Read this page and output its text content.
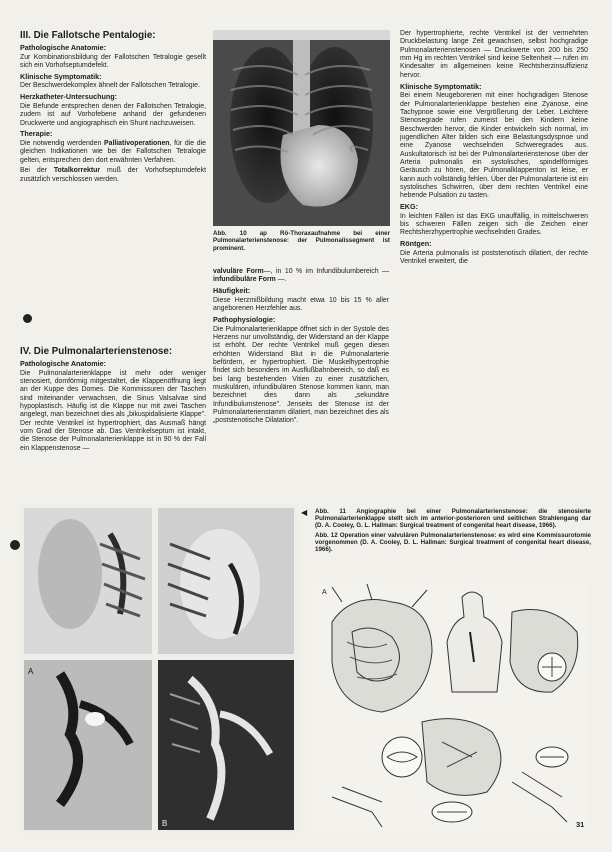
III. Die Fallotsche Pentalogie:
Pathologische Anatomie:

Zur Kombinationsbildung der Fallotschen Tetralogie gesellt sich ein Vorhofseptumdefekt.

Klinische Symptomatik:

Der Beschwerdekomplex ähnelt der Fallotschen Tetralogie.

Herzkatheter-Untersuchung:

Die Befunde entsprechen denen der Fallotschen Tetralogie, zudem ist auf Vorhofebene anhand der gefundenen Druckwerte und angiographisch ein Shunt nachzuweisen.

Therapie:

Die notwendig werdenden Palliativoperationen, für die die gleichen Indikationen wie bei der Fallotschen Tetralogie gelten, entsprechen den dort erwähnten Verfahren.

Bei der Totalkorrektur muß der Vorhofseptumdefekt zusätzlich verschlossen werden.

IV. Die Pulmonalarterienstenose:
Pathologische Anatomie:

Die Pulmonalarterienklappe ist mehr oder weniger stenosiert, domförmig mitgestaltet, die Klappenöffnung liegt an der Kuppe des Domes. Die Kommissuren der Taschen sind miteinander verwachsen, die Sinus Valsalvae sind hypoplastisch. Häufig ist die Klappe nur mit zwei Taschen angelegt, man bezeichnet dies als „bikuspidalisierte Klappe". Der rechte Ventrikel ist hypertrophiert, das Ausmaß hängt vom Grad der Stenose ab. Das Ventrikelseptum ist intakt, die Stenose der Pulmonalarterienklappe ist in 90 % der Fall ein Klappenstenose —

Abb. 10 ap Rö-Thoraxaufnahme bei einer Pulmonalarterienstenose: der Pulmonalissegment ist prominent.

valvuläre Form—, in 10 % im Infundibulumbereich — infundibuläre Form —.

Häufigkeit:

Diese Herzmißbildung macht etwa 10 bis 15 % aller angeborenen Herzfehler aus.

Pathophysiologie:

Die Pulmonalarterienklappe öffnet sich in der Systole des Herzens nur unvollständig, der Widerstand an der Klappe ist erhöht. Der rechte Ventrikel muß gegen diesen erhöhten Widerstand Blut in die Pulmonalarterie befördern, er hypertrophiert. Die Muskelhypertrophie findet sich besonders im Ausflußbahnbereich, so daß es bei lang bestehenden Vitien zu einer zusätzlichen, muskulären, infundibulären Stenose kommen kann, man bezeichnet dies dann als „sekundäre Infundibulumstenose". Jenseits der Stenose ist der Pulmonalarterienstamm dilatiert, man bezeichnet dies als „poststenotische Dilatation".

Der hypertrophierte, rechte Ventrikel ist der vermehrten Druckbelastung lange Zeit gewachsen, selbst hochgradige Pulmonalarterienstenosen — Druckwerte von 200 bis 250 mm Hg im rechten Ventrikel sind keine Seltenheit — rufen im Kindesalter im allgemeinen keine Rechtsherzinsuffizienz hervor.

Klinische Symptomatik:

Bei einem Neugeborenen mit einer hochgradigen Stenose der Pulmonalarterienklappe bestehen eine Zyanose, eine Tachypnoe sowie eine Vergrößerung der Leber. Leichtere Stenosegrade rufen zumeist bei den Kindern keine Beschwerden hervor, die Kinder entwickeln sich normal, im jugendlichen Alter bilden sich eine Belastungsdyspnoe und eine Zyanose wechselnden Schweregrades aus. Auskultatorisch ist bei der Pulmonalarterienstenose über der Arteria pulmonalis ein systolisches, spindelförmiges Geräusch zu hören, der Pulmonalklappenton ist leise, er kann auch vollständig fehlen. Über der Pulmonalarterie ist ein systolisches Schwirren, über dem rechten Ventrikel eine hebende Pulsation zu tasten.

EKG:

In leichten Fällen ist das EKG unauffällig, in mittelschweren bis schweren Fällen zeigen sich die Zeichen einer Rechtsherzhypertrophie wechselnden Grades.

Röntgen:

Die Arteria pulmonalis ist poststenotisch dilatiert, der rechte Ventrikel erweitert, die

A
B
◀ Abb. 11 Angiographie bei einer Pulmonalarterienstenose: die stenosierte Pulmonalarterienklappe stellt sich im anterior-posterioren und seitlichen Strahlengang dar (D. A. Cooley, G. L. Hallman: Surgical treatment of congenital heart disease, 1966).

Abb. 12 Operation einer valvulären Pulmonalarterienstenose: es wird eine Kommissurotomie vorgenommen (D. A. Cooley, D. L. Hallman: Surgical treatment of congenital heart disease, 1966).

A
31
